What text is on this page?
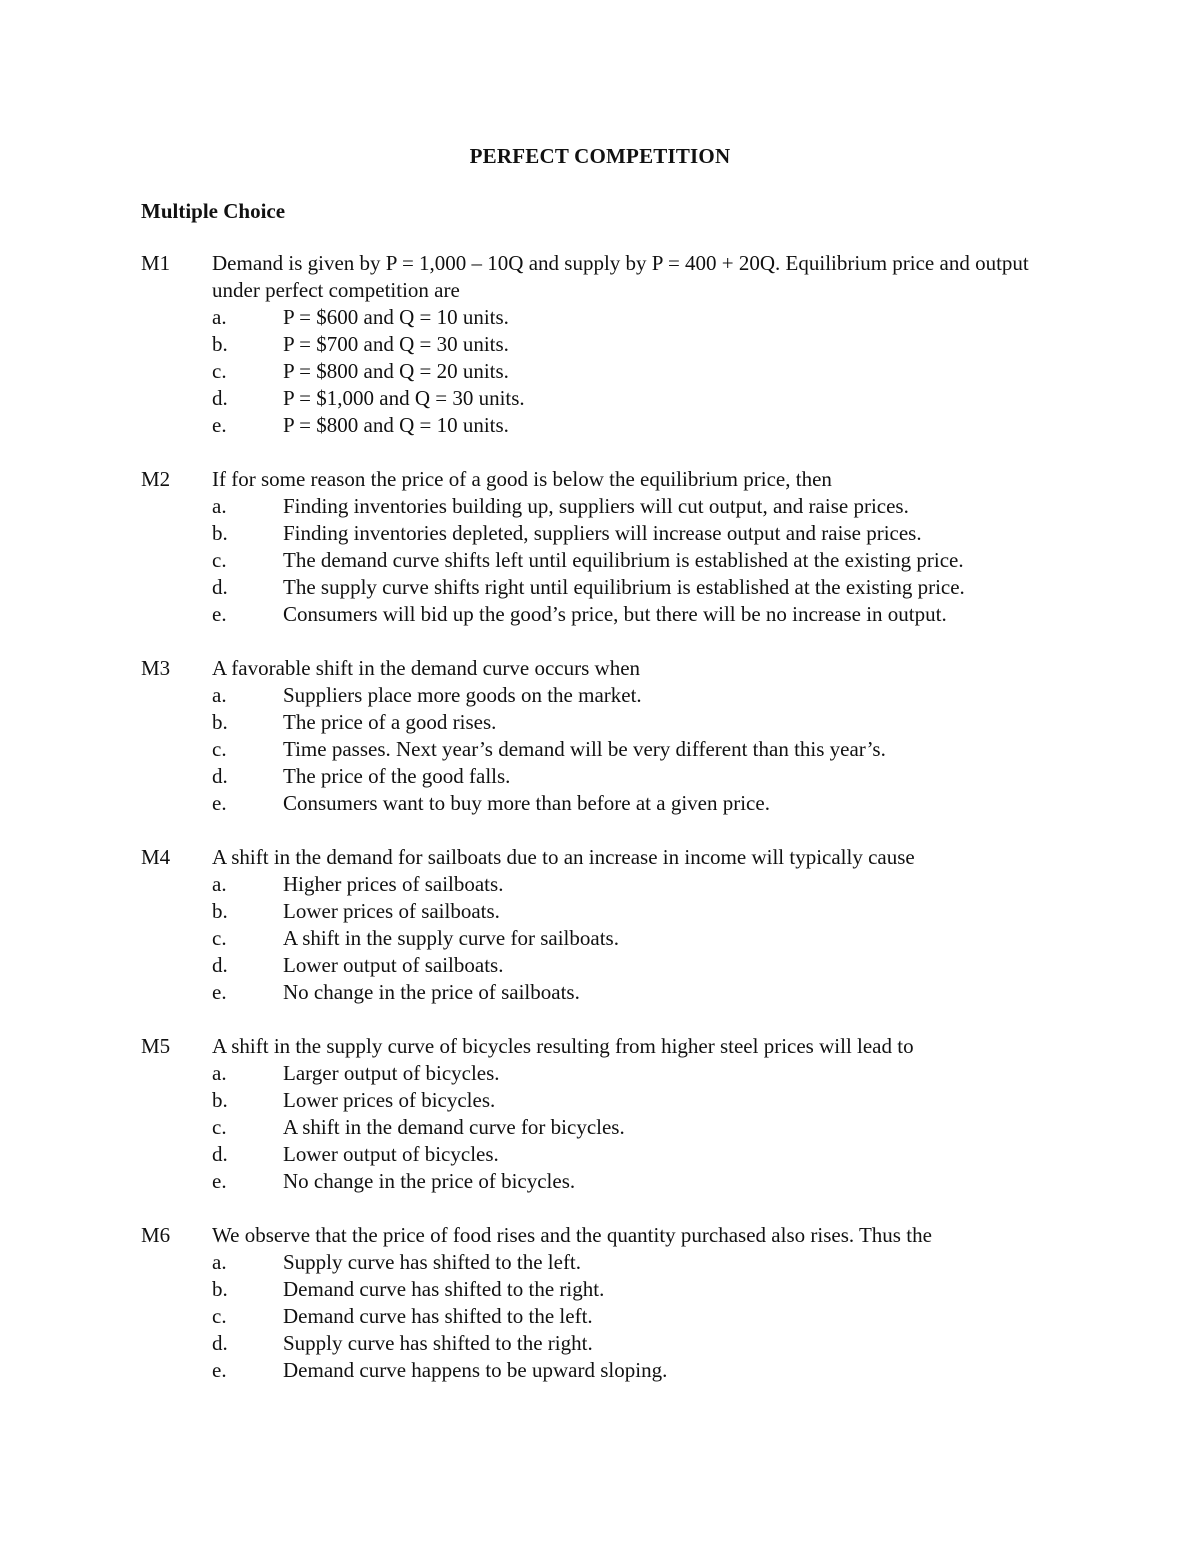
PERFECT COMPETITION
Multiple Choice
M1	Demand is given by P = 1,000 – 10Q and supply by P = 400 + 20Q. Equilibrium price and output under perfect competition are
a.	P = $600 and Q = 10 units.
b.	P = $700 and Q = 30 units.
c.	P = $800 and Q = 20 units.
d.	P = $1,000 and Q = 30 units.
e.	P = $800 and Q = 10 units.
M2	If for some reason the price of a good is below the equilibrium price, then
a.	Finding inventories building up, suppliers will cut output, and raise prices.
b.	Finding inventories depleted, suppliers will increase output and raise prices.
c.	The demand curve shifts left until equilibrium is established at the existing price.
d.	The supply curve shifts right until equilibrium is established at the existing price.
e.	Consumers will bid up the good’s price, but there will be no increase in output.
M3	A favorable shift in the demand curve occurs when
a.	Suppliers place more goods on the market.
b.	The price of a good rises.
c.	Time passes. Next year’s demand will be very different than this year’s.
d.	The price of the good falls.
e.	Consumers want to buy more than before at a given price.
M4	A shift in the demand for sailboats due to an increase in income will typically cause
a.	Higher prices of sailboats.
b.	Lower prices of sailboats.
c.	A shift in the supply curve for sailboats.
d.	Lower output of sailboats.
e.	No change in the price of sailboats.
M5	A shift in the supply curve of bicycles resulting from higher steel prices will lead to
a.	Larger output of bicycles.
b.	Lower prices of bicycles.
c.	A shift in the demand curve for bicycles.
d.	Lower output of bicycles.
e.	No change in the price of bicycles.
M6	We observe that the price of food rises and the quantity purchased also rises. Thus the
a.	Supply curve has shifted to the left.
b.	Demand curve has shifted to the right.
c.	Demand curve has shifted to the left.
d.	Supply curve has shifted to the right.
e.	Demand curve happens to be upward sloping.
